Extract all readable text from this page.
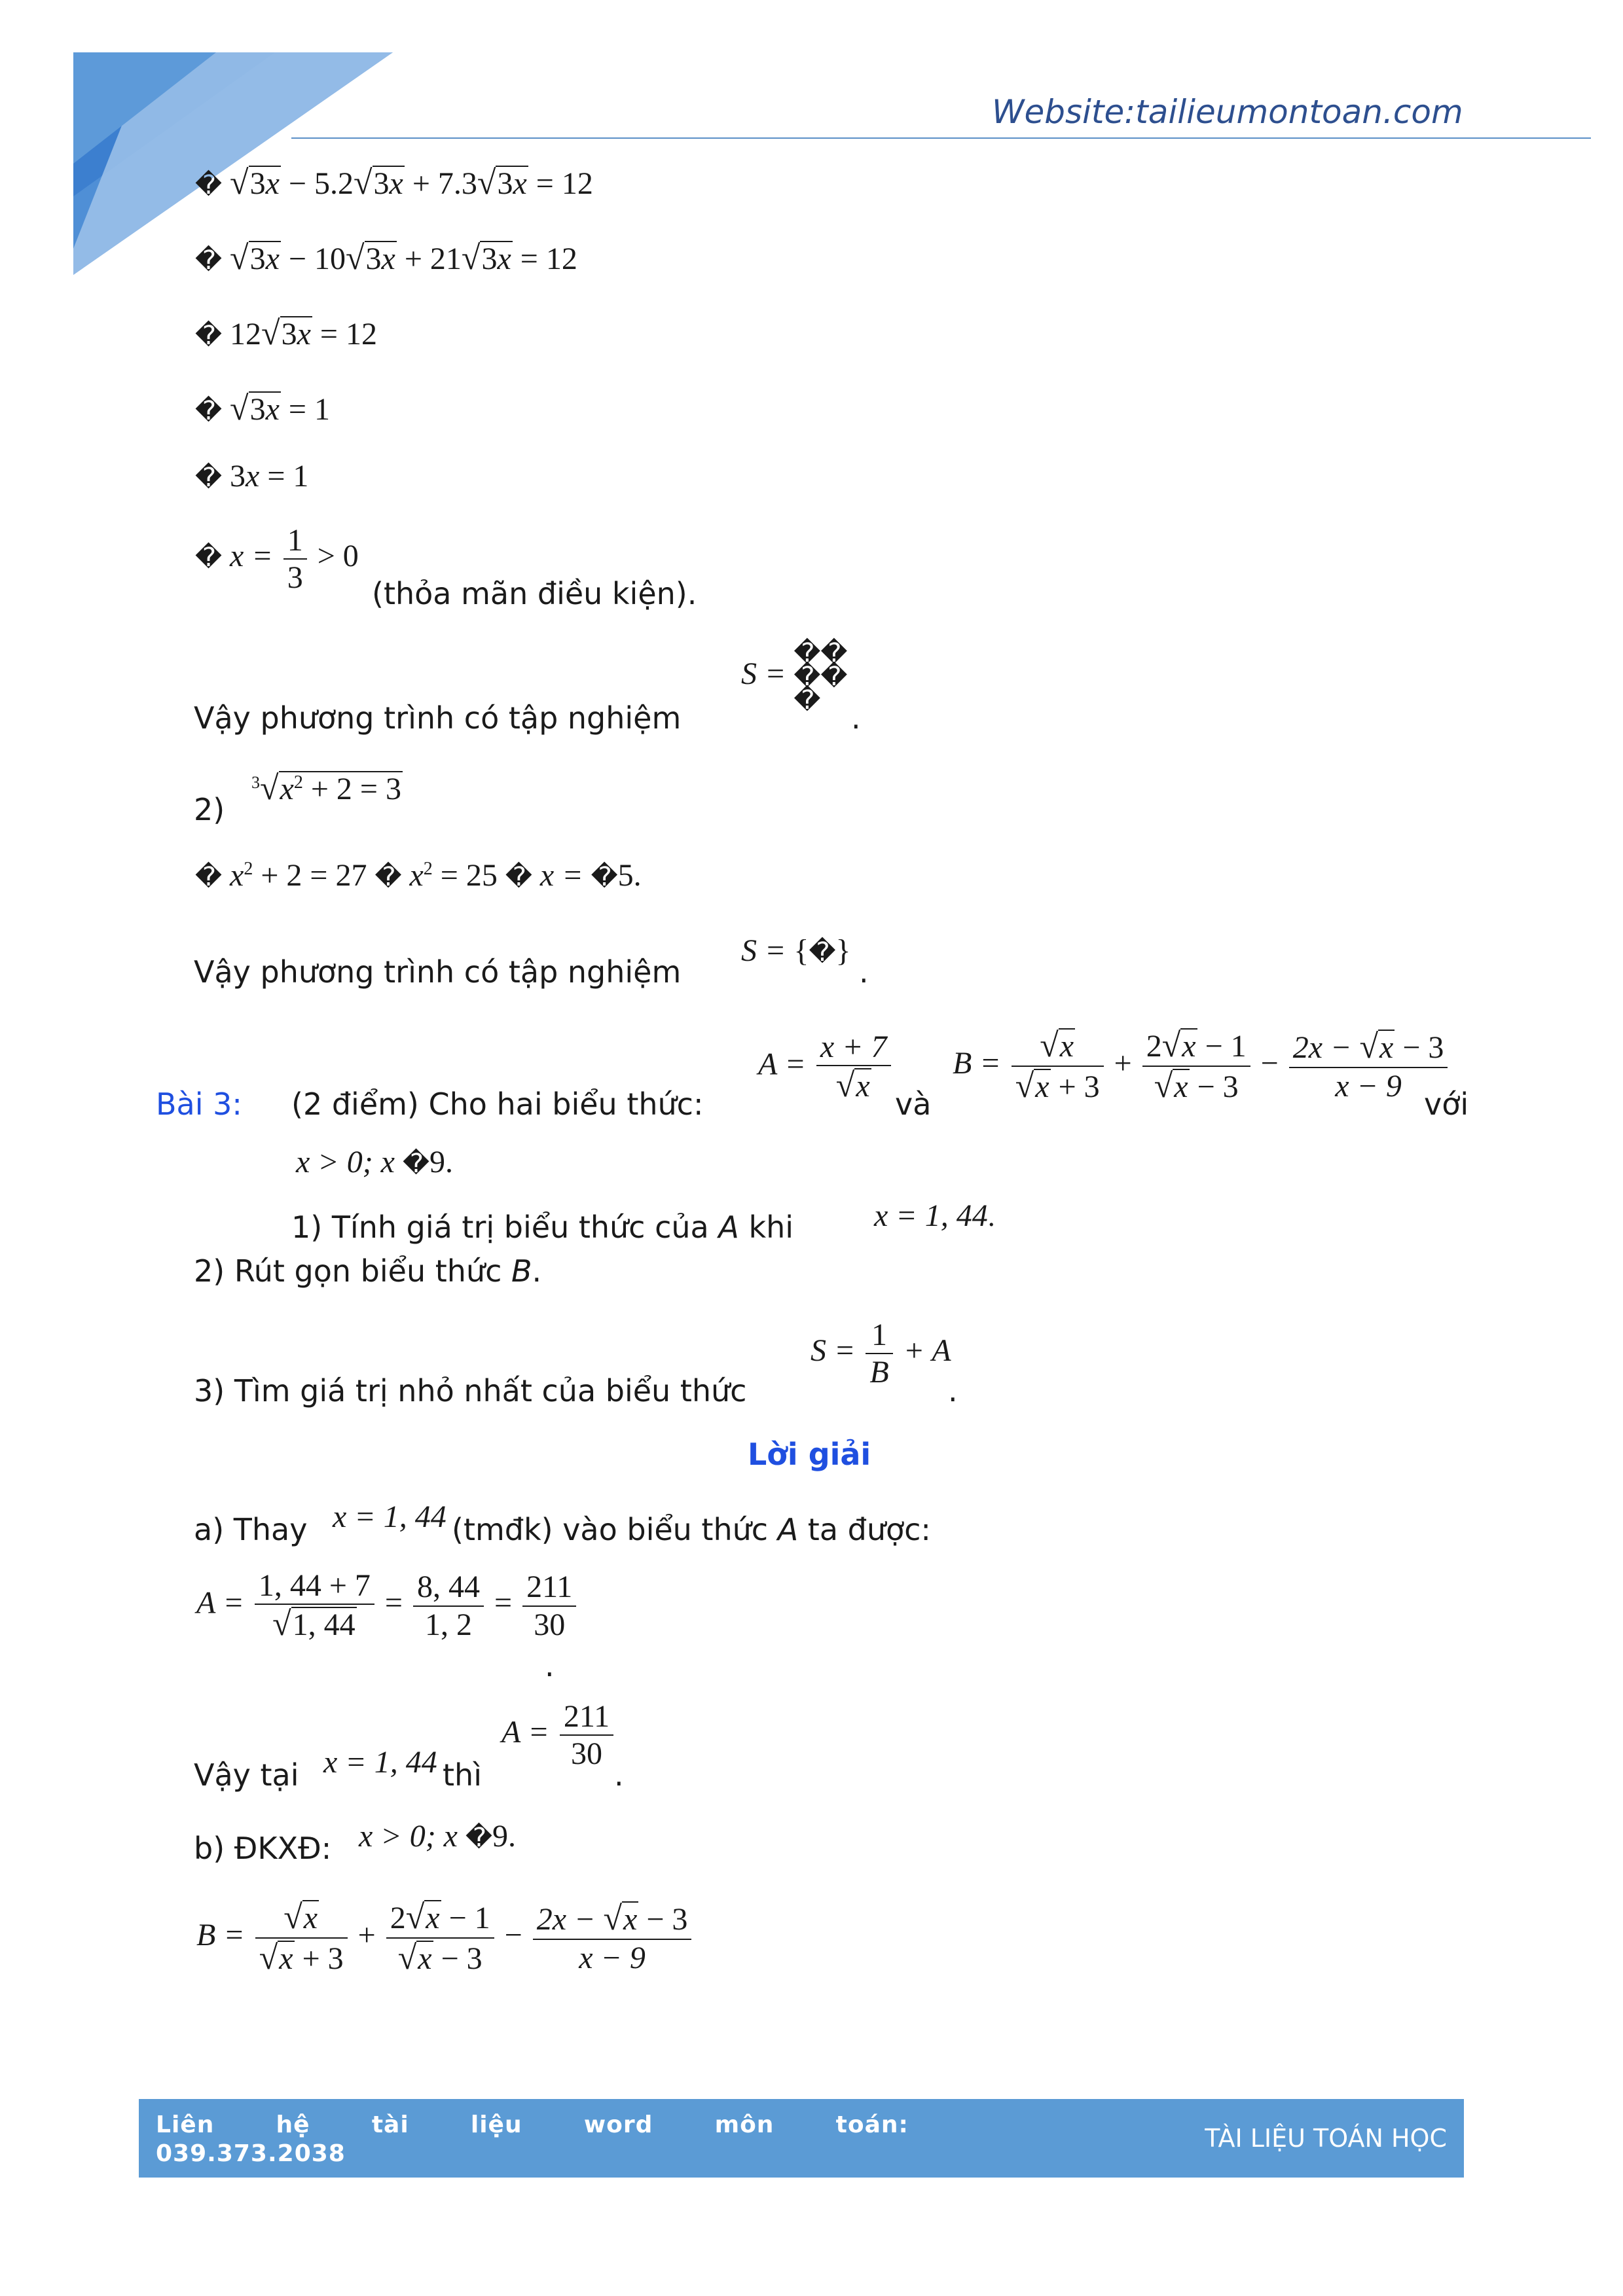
Website:tailieumontoan.com
� √3x − 5.2√3x + 7.3√3x = 12
� √3x − 10√3x + 21√3x = 12
� 12√3x = 12
� √3x = 1
� 3x = 1
� $x = \frac{1}{3} > 0$
(thỏa mãn điều kiện).
S = ��
��
�
Vậy phương trình có tập nghiệm	.
2)
$^3√x^2 + 2 = 3$
� $x^2 + 2 = 27$ � $x^2 = 25$ � x = �5.
Vậy phương trình có tập nghiệm
S = {�}
.
Bài 3: (2 điểm) Cho hai biểu thức:
$A = \frac{x + 7}{√x}$ và
$B = \frac{√x}{√x + 3} + \frac{2√x - 1}{√x - 3} - \frac{2x - √x - 3}{x - 9}$
với
x > 0; x �9.
1) Tính giá trị biểu thức của A khi	x = 1, 44.
2) Rút gọn biểu thức B.
3) Tìm giá trị nhỏ nhất của biểu thức
$S = \frac{1}{B} + A$
.
Lời giải
a) Thay x = 1, 44 (tmđk) vào biểu thức A ta được:
$A = \frac{1, 44 + 7}{√1, 44} = \frac{8, 44}{1, 2} = \frac{211}{30}$
.
Vậy tại x = 1, 44 thì
$A = \frac{211}{30}$
.
b) ĐKXĐ: x > 0; x �9.
$B = \frac{√x}{√x + 3} + \frac{2√x - 1}{√x - 3} - \frac{2x - √x - 3}{x - 9}$
Liên	hệ	tài	liệu	word	môn	toán:
039.373.2038
TÀI LIỆU TOÁN HỌC
